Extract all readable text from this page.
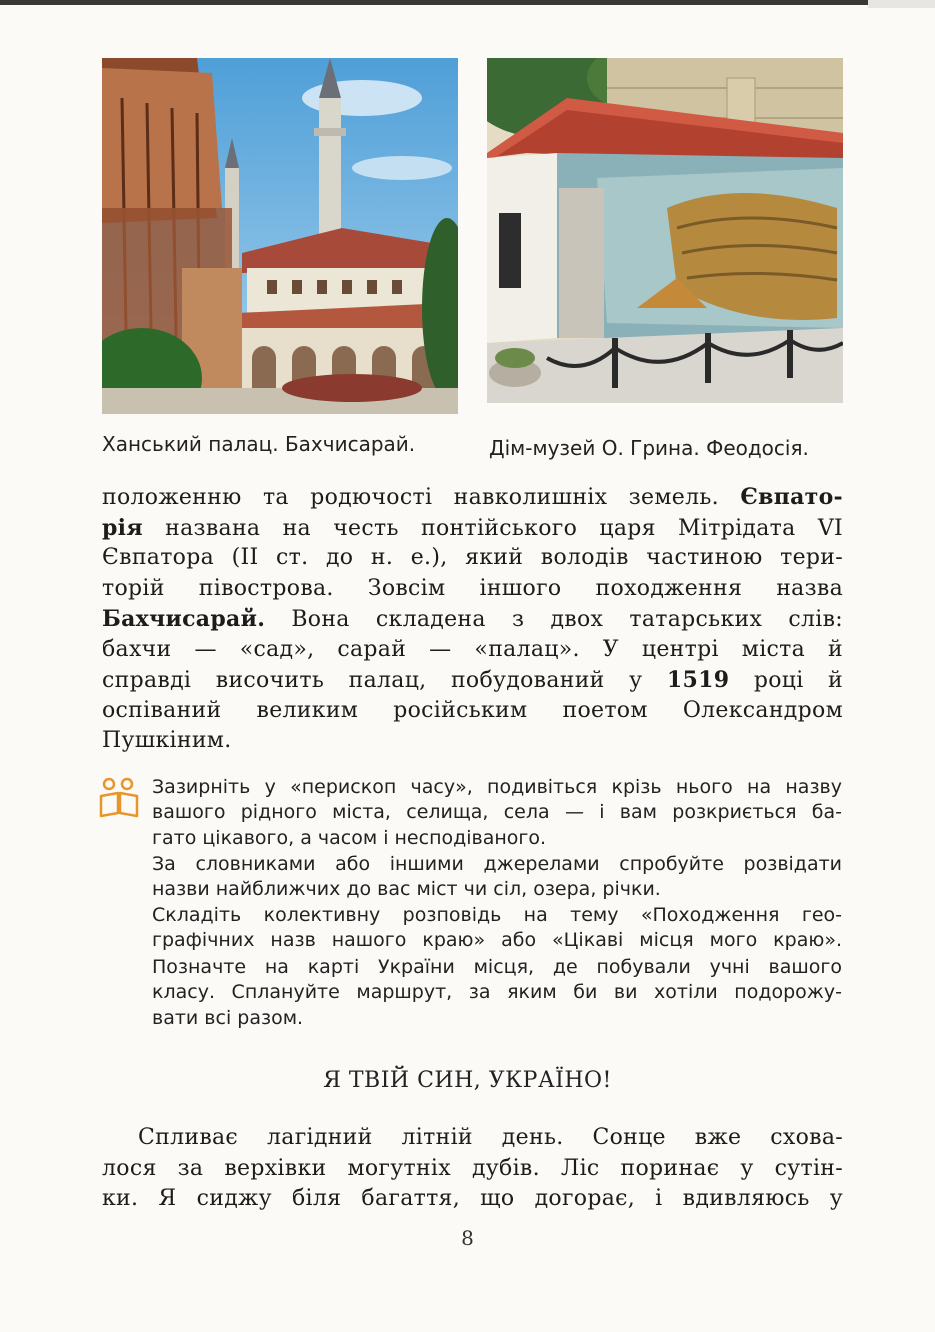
Ханський палац. Бахчисарай.	Дім-музей О. Грина. Феодосія.
положенню та родючості навколишніх земель. Євпато-
рія названа на честь понтійського царя Мітрідата VI
Євпатора (II ст. до н. е.), який володів частиною тери-
торій півострова. Зовсім іншого походження назва
Бахчисарай. Вона складена з двох татарських слів:
бахчи — «сад», сарай — «палац». У центрі міста й
справді височить палац, побудований у 1519 році й
оспіваний великим російським поетом Олександром
Пушкіним.
Зазирніть у «перископ часу», подивіться крізь нього на назву
вашого рідного міста, селища, села — і вам розкриється ба-
гато цікавого, а часом і несподіваного.
За словниками або іншими джерелами спробуйте розвідати
назви найближчих до вас міст чи сіл, озера, річки.
Складіть колективну розповідь на тему «Походження гео-
графічних назв нашого краю» або «Цікаві місця мого краю».
Позначте на карті України місця, де побували учні вашого
класу. Сплануйте маршрут, за яким би ви хотіли подорожу-
вати всі разом.
Я ТВІЙ СИН, УКРАЇНО!
Спливає лагідний літній день. Сонце вже схова-
лося за верхівки могутніх дубів. Ліс поринає у сутін-
ки. Я сиджу біля багаття, що догорає, і вдивляюсь у
8
